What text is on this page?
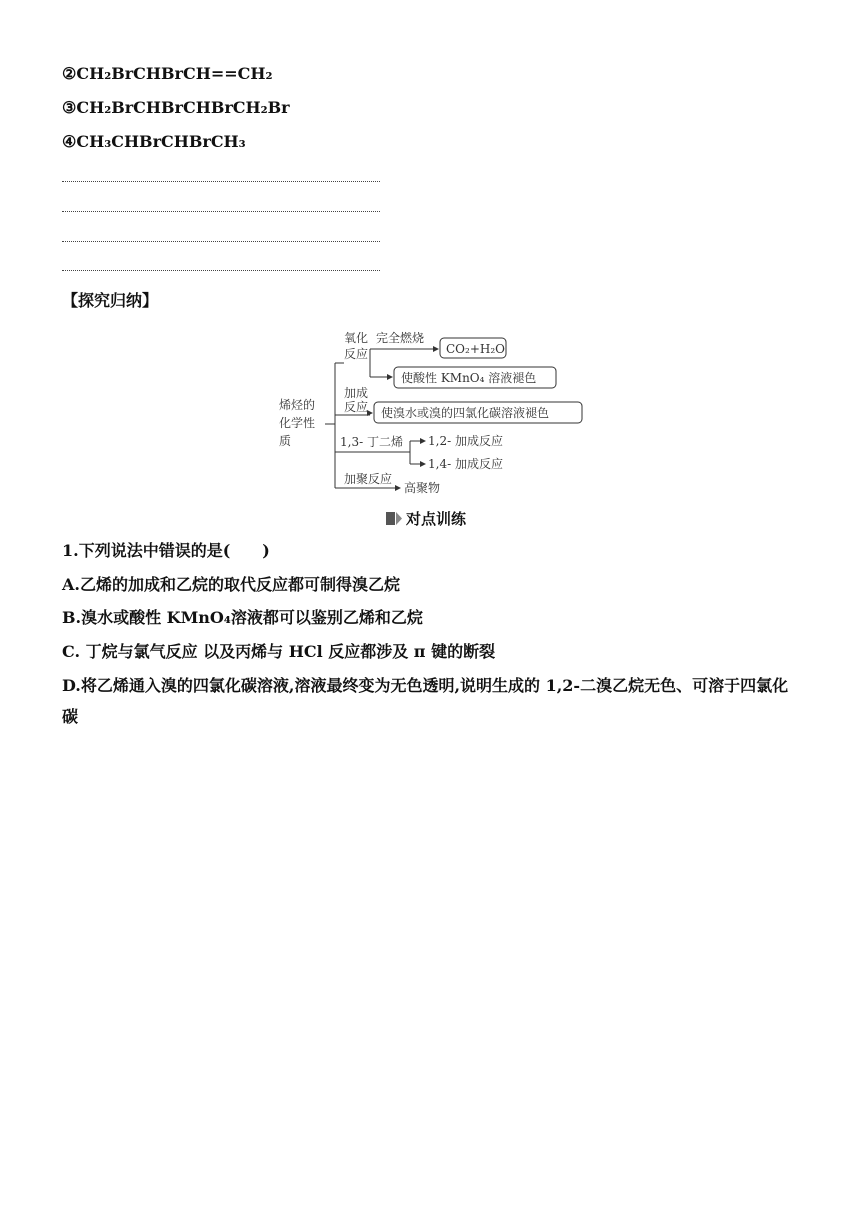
②CH₂BrCHBrCH==CH₂
③CH₂BrCHBrCHBrCH₂Br
④CH₃CHBrCHBrCH₃
【探究归纳】
烯烃的
化学性
质
氧化
反应
完全燃烧
CO₂+H₂O
使酸性 KMnO₄ 溶液褪色
加成
反应 使溴水或溴的四氯化碳溶液褪色
1,3- 丁二烯 1,2- 加成反应
1,4- 加成反应
加聚反应
高聚物
对点训练
1.下列说法中错误的是(　　)
A.乙烯的加成和乙烷的取代反应都可制得溴乙烷
B.溴水或酸性 KMnO₄溶液都可以鉴别乙烯和乙烷
C. 丁烷与氯气反应 以及丙烯与 HCl 反应都涉及 π 键的断裂
D.将乙烯通入溴的四氯化碳溶液,溶液最终变为无色透明,说明生成的 1,2-二溴乙烷无色、可溶于四氯化碳
